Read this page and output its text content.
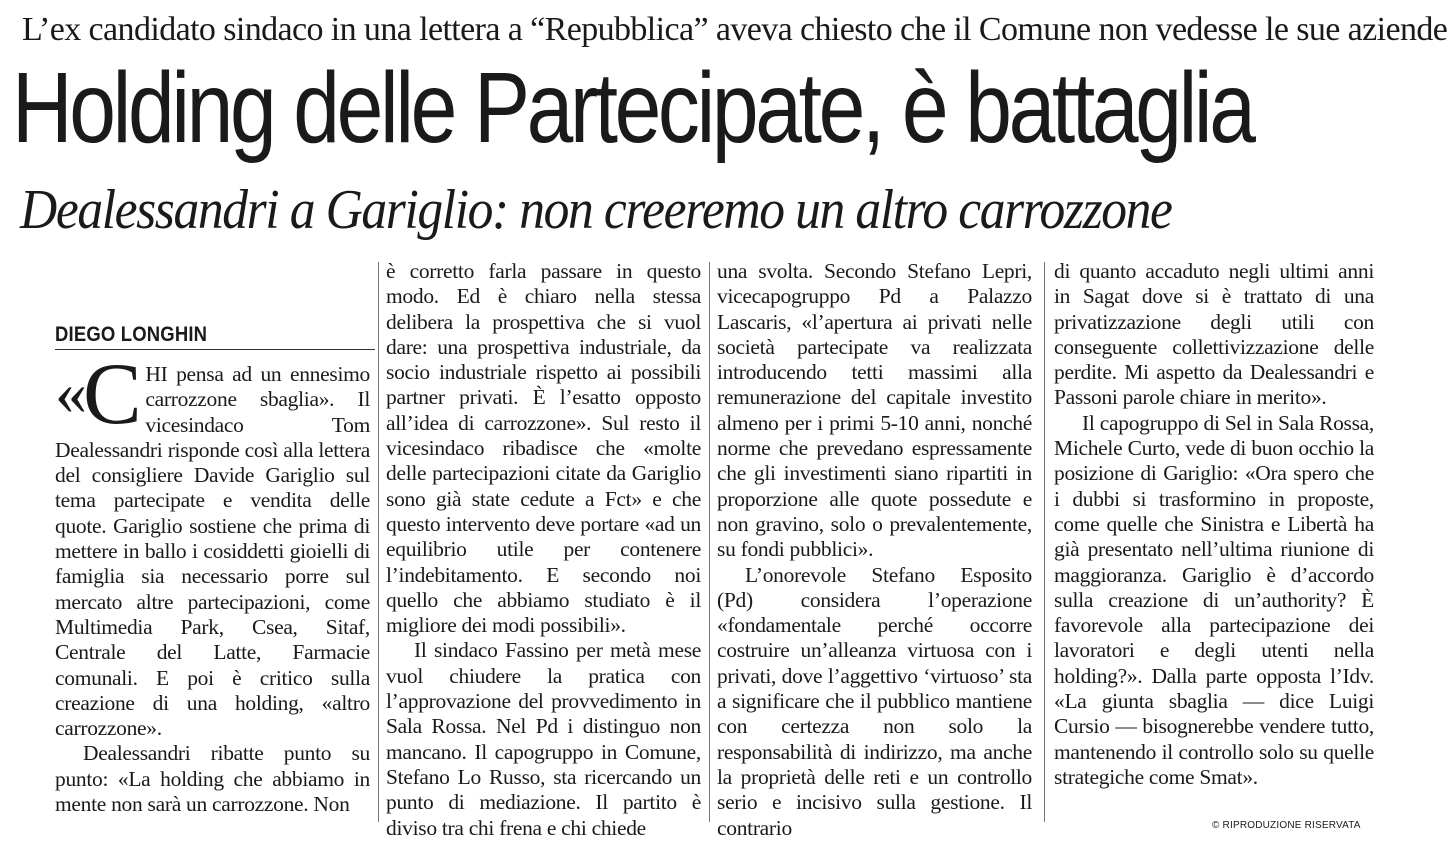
L’ex candidato sindaco in una lettera a “Repubblica” aveva chiesto che il Comune non vedesse le sue aziende
Holding delle Partecipate, è battaglia
Dealessandri a Gariglio: non creeremo un altro carrozzone
DIEGO LONGHIN

« C HI pensa ad un ennesimo carrozzone sbaglia». Il vicesindaco Tom Dealessandri risponde così alla lettera del consigliere Davide Gariglio sul tema partecipate e vendita delle quote. Gariglio sostiene che prima di mettere in ballo i cosiddetti gioielli di famiglia sia necessario porre sul mercato altre partecipazioni, come Multimedia Park, Csea, Sitaf, Centrale del Latte, Farmacie comunali. E poi è critico sulla creazione di una holding, «altro carrozzone».

Dealessandri ribatte punto su punto: «La holding che abbiamo in mente non sarà un carrozzone. Non

è corretto farla passare in questo modo. Ed è chiaro nella stessa delibera la prospettiva che si vuol dare: una prospettiva industriale, da socio industriale rispetto ai possibili partner privati. È l’esatto opposto all’idea di carrozzone». Sul resto il vicesindaco ribadisce che «molte delle partecipazioni citate da Gariglio sono già state cedute a Fct» e che questo intervento deve portare «ad un equilibrio utile per contenere l’indebitamento. E secondo noi quello che abbiamo studiato è il migliore dei modi possibili».

Il sindaco Fassino per metà mese vuol chiudere la pratica con l’approvazione del provvedimento in Sala Rossa. Nel Pd i distinguo non mancano. Il capogruppo in Comune, Stefano Lo Russo, sta ricercando un punto di mediazione. Il partito è diviso tra chi frena e chi chiede

una svolta. Secondo Stefano Lepri, vicecapogruppo Pd a Palazzo Lascaris, «l’apertura ai privati nelle società partecipate va realizzata introducendo tetti massimi alla remunerazione del capitale investito almeno per i primi 5-10 anni, nonché norme che prevedano espressamente che gli investimenti siano ripartiti in proporzione alle quote possedute e non gravino, solo o prevalentemente, su fondi pubblici».

L’onorevole Stefano Esposito (Pd) considera l’operazione «fondamentale perché occorre costruire un’alleanza virtuosa con i privati, dove l’aggettivo ‘virtuoso’ sta a significare che il pubblico mantiene con certezza non solo la responsabilità di indirizzo, ma anche la proprietà delle reti e un controllo serio e incisivo sulla gestione. Il contrario

di quanto accaduto negli ultimi anni in Sagat dove si è trattato di una privatizzazione degli utili con conseguente collettivizzazione delle perdite. Mi aspetto da Dealessandri e Passoni parole chiare in merito».

Il capogruppo di Sel in Sala Rossa, Michele Curto, vede di buon occhio la posizione di Gariglio: «Ora spero che i dubbi si trasformino in proposte, come quelle che Sinistra e Libertà ha già presentato nell’ultima riunione di maggioranza. Gariglio è d’accordo sulla creazione di un’authority? È favorevole alla partecipazione dei lavoratori e degli utenti nella holding?». Dalla parte opposta l’Idv. «La giunta sbaglia — dice Luigi Cursio — bisognerebbe vendere tutto, mantenendo il controllo solo su quelle strategiche come Smat».

© RIPRODUZIONE RISERVATA
